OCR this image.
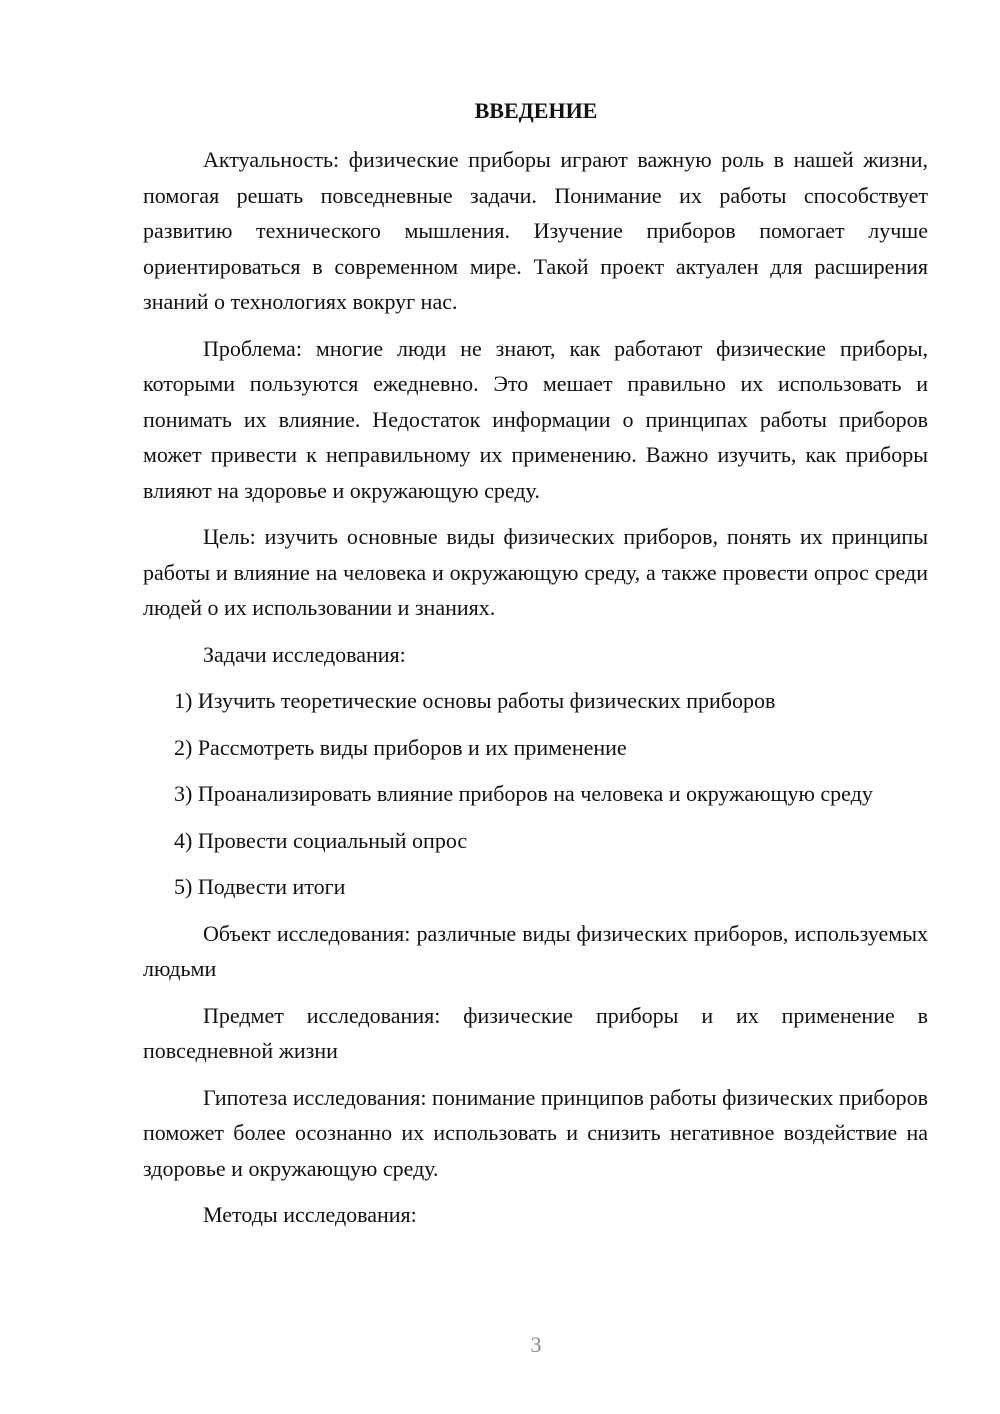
ВВЕДЕНИЕ

Актуальность: физические приборы играют важную роль в нашей жизни, помогая решать повседневные задачи. Понимание их работы способствует развитию технического мышления. Изучение приборов помогает лучше ориентироваться в современном мире. Такой проект актуален для расширения знаний о технологиях вокруг нас.

Проблема: многие люди не знают, как работают физические приборы, которыми пользуются ежедневно. Это мешает правильно их использовать и понимать их влияние. Недостаток информации о принципах работы приборов может привести к неправильному их применению. Важно изучить, как приборы влияют на здоровье и окружающую среду.

Цель: изучить основные виды физических приборов, понять их принципы работы и влияние на человека и окружающую среду, а также провести опрос среди людей о их использовании и знаниях.

Задачи исследования:

1) Изучить теоретические основы работы физических приборов

2) Рассмотреть виды приборов и их применение

3) Проанализировать влияние приборов на человека и окружающую среду

4) Провести социальный опрос

5) Подвести итоги

Объект исследования: различные виды физических приборов, используемых людьми

Предмет исследования: физические приборы и их применение в повседневной жизни

Гипотеза исследования: понимание принципов работы физических приборов поможет более осознанно их использовать и снизить негативное воздействие на здоровье и окружающую среду.

Методы исследования:

3
